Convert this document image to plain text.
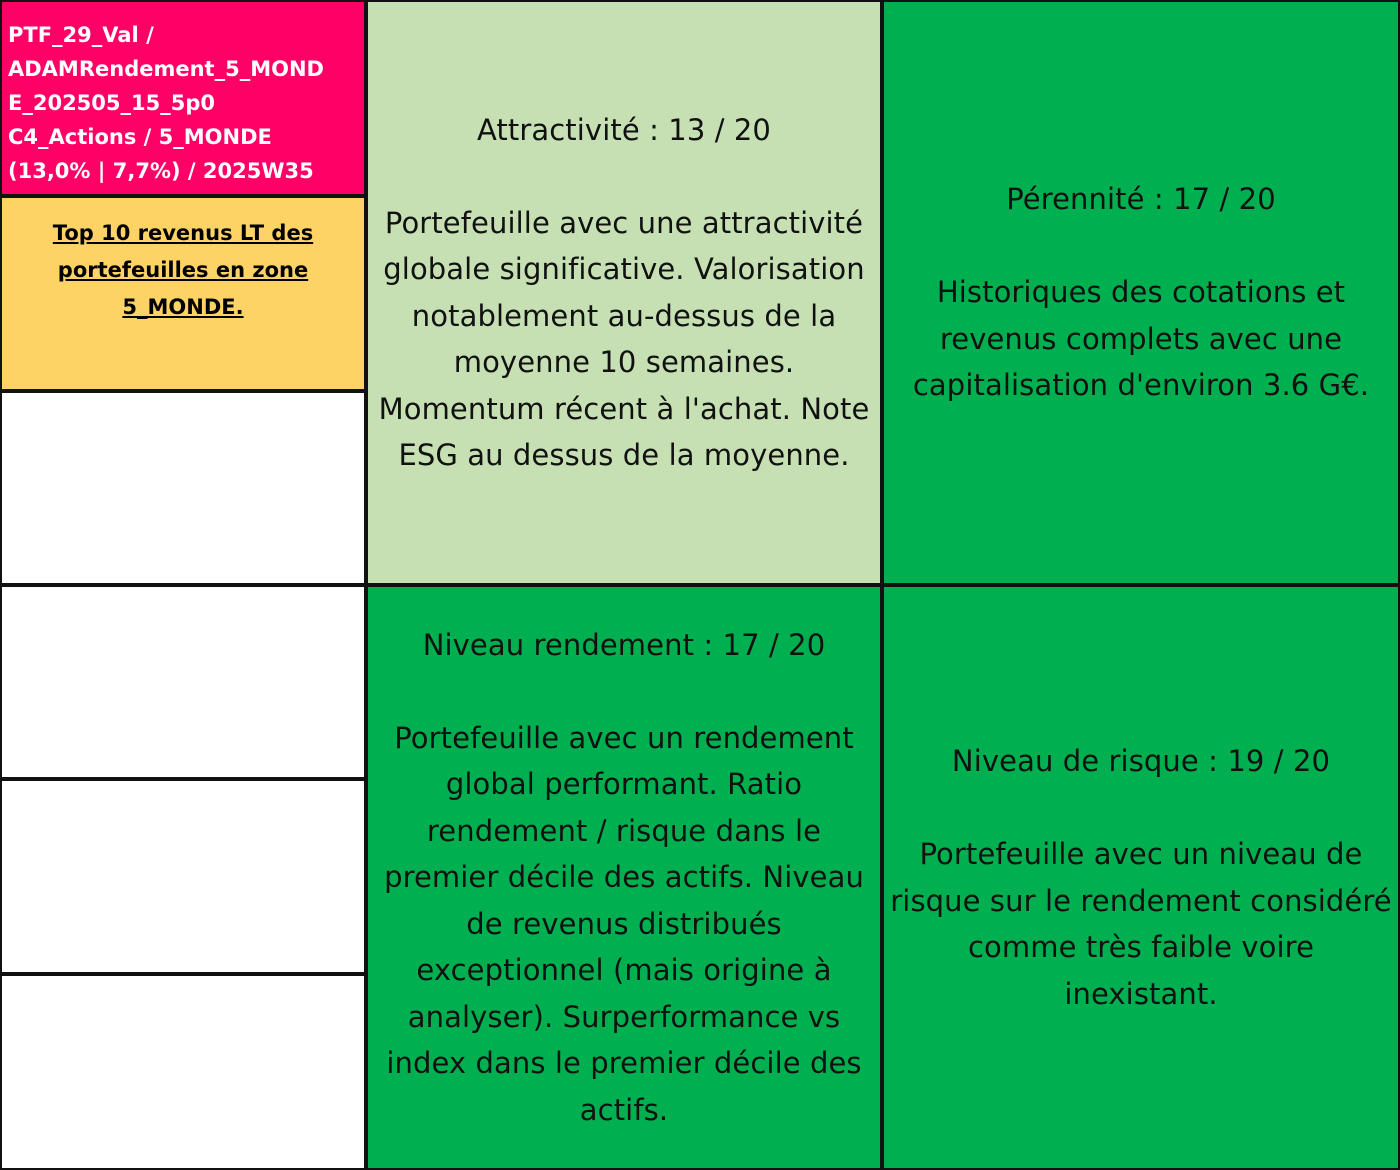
PTF_29_Val /
ADAMRendement_5_MOND
E_202505_15_5p0
C4_Actions / 5_MONDE
(13,0% | 7,7%) / 2025W35
Top 10 revenus LT des portefeuilles en zone 5_MONDE.
Attractivité : 13 / 20
Portefeuille avec une attractivité globale significative. Valorisation notablement au-dessus de la moyenne 10 semaines. Momentum récent à l'achat. Note ESG au dessus de la moyenne.
Pérennité : 17 / 20
Historiques des cotations et revenus complets avec une capitalisation d'environ 3.6 G€.
Niveau rendement : 17 / 20
Portefeuille avec un rendement global performant. Ratio rendement / risque dans le premier décile des actifs. Niveau de revenus distribués exceptionnel (mais origine à analyser). Surperformance vs index dans le premier décile des actifs.
Niveau de risque : 19 / 20
Portefeuille avec un niveau de risque sur le rendement considéré comme très faible voire inexistant.
